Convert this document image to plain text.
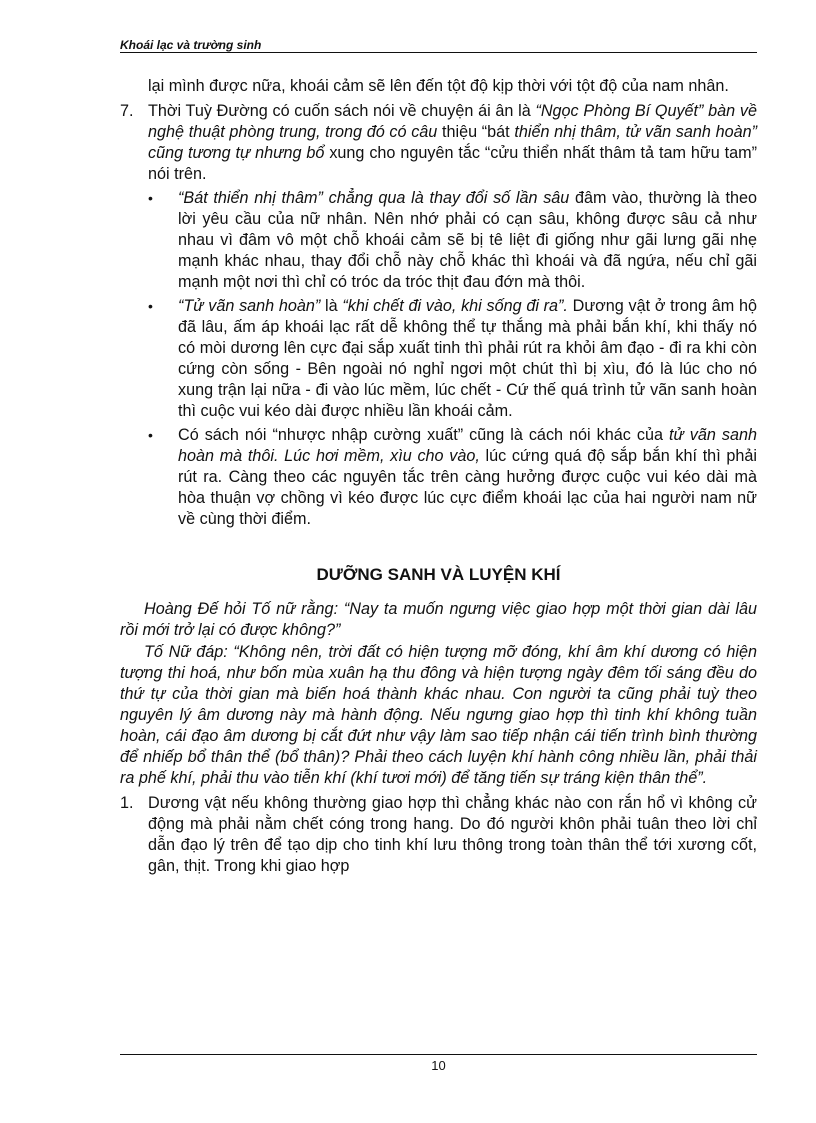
Khoái lạc và trường sinh

lại mình được nữa, khoái cảm sẽ lên đến tột độ kịp thời với tột độ của nam nhân.

7. Thời Tuỳ Đường có cuốn sách nói về chuyện ái ân là “Ngọc Phòng Bí Quyết” bàn về nghệ thuật phòng trung, trong đó có câu thiệu “bát thiển nhị thâm, tử vãn sanh hoàn” cũng tương tự nhưng bổ xung cho nguyên tắc “cửu thiển nhất thâm tả tam hữu tam” nói trên.

•	“Bát thiển nhị thâm” chẳng qua là thay đổi số lần sâu đâm vào, thường là theo lời yêu cầu của nữ nhân. Nên nhớ phải có cạn sâu, không được sâu cả như nhau vì đâm vô một chỗ khoái cảm sẽ bị tê liệt đi giống như gãi lưng gãi nhẹ mạnh khác nhau, thay đổi chỗ này chỗ khác thì khoái và đã ngứa, nếu chỉ gãi mạnh một nơi thì chỉ có tróc da tróc thịt đau đớn mà thôi.

•	“Tử vãn sanh hoàn” là “khi chết đi vào, khi sống đi ra”. Dương vật ở trong âm hộ đã lâu, ấm áp khoái lạc rất dễ không thể tự thắng mà phải bắn khí, khi thấy nó có mòi dương lên cực đại sắp xuất tinh thì phải rút ra khỏi âm đạo - đi ra khi còn cứng còn sống - Bên ngoài nó nghỉ ngơi một chút thì bị xìu, đó là lúc cho nó xung trận lại nữa - đi vào lúc mềm, lúc chết - Cứ thế quá trình tử vãn sanh hoàn thì cuộc vui kéo dài được nhiều lần khoái cảm.

•	Có sách nói “nhược nhập cường xuất” cũng là cách nói khác của tử vãn sanh hoàn mà thôi. Lúc hơi mềm, xìu cho vào, lúc cứng quá độ sắp bắn khí thì phải rút ra. Càng theo các nguyên tắc trên càng hưởng được cuộc vui kéo dài mà hòa thuận vợ chồng vì kéo được lúc cực điểm khoái lạc của hai người nam nữ về cùng thời điểm.

DƯỠNG SANH VÀ LUYỆN KHÍ

Hoàng Đế hỏi Tố nữ rằng: “Nay ta muốn ngưng việc giao hợp một thời gian dài lâu rồi mới trở lại có được không?”

Tố Nữ đáp: “Không nên, trời đất có hiện tượng mỡ đóng, khí âm khí dương có hiện tượng thi hoá, như bốn mùa xuân hạ thu đông và hiện tượng ngày đêm tối sáng đều do thứ tự của thời gian mà biến hoá thành khác nhau. Con người ta cũng phải tuỳ theo nguyên lý âm dương này mà hành động. Nếu ngưng giao hợp thì tinh khí không tuần hoàn, cái đạo âm dương bị cắt đứt như vậy làm sao tiếp nhận cái tiến trình bình thường để nhiếp bổ thân thể (bổ thân)? Phải theo cách luyện khí hành công nhiều lần, phải thải ra phế khí, phải thu vào tiễn khí (khí tươi mới) để tăng tiến sự tráng kiện thân thể”.

1. Dương vật nếu không thường giao hợp thì chẳng khác nào con rắn hổ vì không cử động mà phải nằm chết cóng trong hang. Do đó người khôn phải tuân theo lời chỉ dẫn đạo lý trên để tạo dịp cho tinh khí lưu thông trong toàn thân thể tới xương cốt, gân, thịt. Trong khi giao hợp

10
